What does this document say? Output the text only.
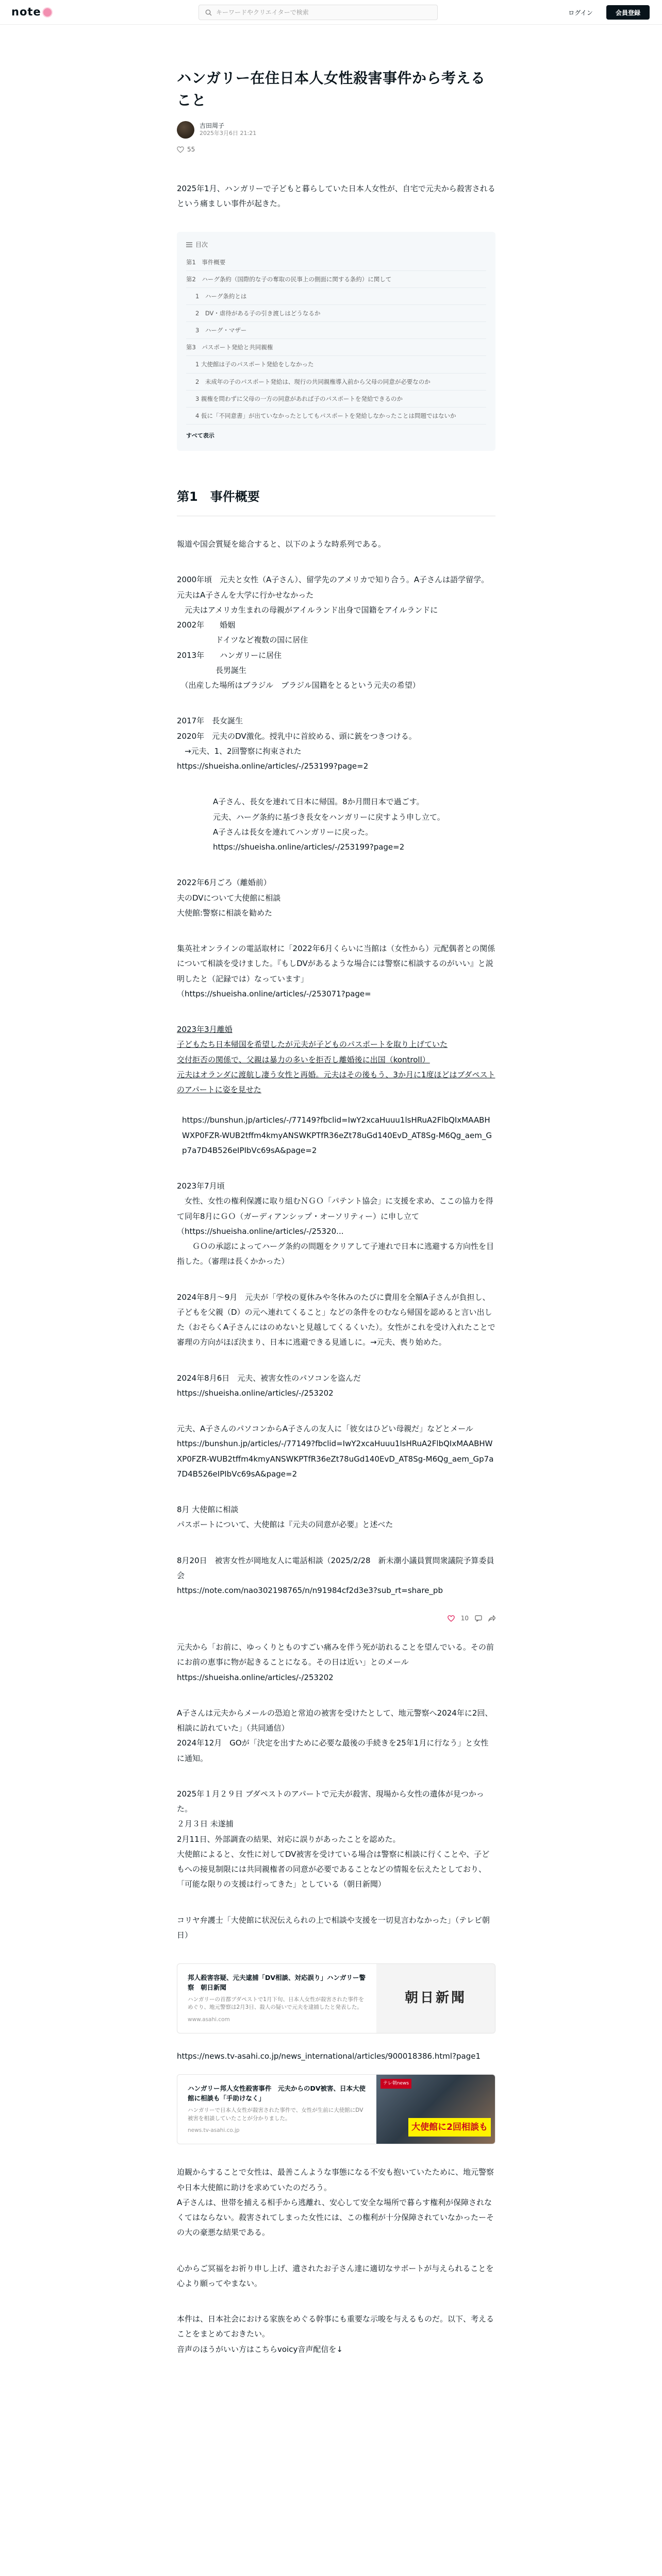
note
キーワードやクリエイターで検索	ログイン	会員登録
ハンガリー在住日本人女性殺害事件から考えること
吉田周子
2025年3月6日 21:21
55

2025年1月、ハンガリーで子どもと暮らしていた日本人女性が、自宅で元夫から殺害されるという痛ましい事件が起きた。

目次
第1　事件概要
第2　ハーグ条約（国際的な子の奪取の民事上の側面に関する条約）に関して
1　ハーグ条約とは
2　DV・虐待がある子の引き渡しはどうなるか
3　ハーグ・マザー
第3　パスポート発給と共同親権
1 大使館は子のパスポート発給をしなかった
2　未成年の子のパスポート発給は、現行の共同親権導入前から父母の同意が必要なのか
3 親権を問わずに父母の一方の同意があれば子のパスポートを発給できるのか
4 仮に「不同意書」が出ていなかったとしてもパスポートを発給しなかったことは問題ではないか
すべて表示
第1　事件概要

報道や国会質疑を総合すると、以下のような時系列である。

2000年頃　元夫と女性（A子さん）、留学先のアメリカで知り合う。A子さんは語学留学。元夫はA子さんを大学に行かせなかった
　元夫はアメリカ生まれの母親がアイルランド出身で国籍をアイルランドに
2002年　　婚姻
　　　　　ドイツなど複数の国に居住
2013年　　ハンガリーに居住
　　　　　長男誕生
　（出産した場所はブラジル　ブラジル国籍をとるという元夫の希望）

2017年　長女誕生
2020年　元夫のDV激化。授乳中に首絞める、頭に銃をつきつける。
　→元夫、1、2回警察に拘束された

https://shueisha.online/articles/-/253199?page=2

A子さん、長女を連れて日本に帰国。8か月間日本で過ごす。
元夫、ハーグ条約に基づき長女をハンガリーに戻すよう申し立て。
A子さんは長女を連れてハンガリーに戻った。

https://shueisha.online/articles/-/253199?page=2

2022年6月ごろ（離婚前）
夫のDVについて大使館に相談
大使館:警察に相談を勧めた

集英社オンラインの電話取材に「2022年6月くらいに当館は（女性から）元配偶者との関係について相談を受けました。『もしDVがあるような場合には警察に相談するのがいい』と説明したと（記録では）なっています」

（https://shueisha.online/articles/-/253071?page=

2023年3月離婚
子どもたち日本帰国を希望したが元夫が子どものパスポートを取り上げていた
交付拒否の関係で、父親は暴力の多いを拒否し離婚後に出国（kontroll）
元夫はオランダに渡航し凄う女性と再婚。元夫はその後もう、3か月に1度ほどはブダペストのアパートに姿を見せた

https://bunshun.jp/articles/-/77149?fbclid=IwY2xcaHuuu1lsHRuA2FlbQIxMAABHWXP0FZR-WUB2tffm4kmyANSWKPTfR36eZt78uGd140EvD_AT8Sg-M6Qg_aem_Gp7a7D4B526eIPIbVc69sA&page=2

2023年7月頃
　女性、女性の権利保護に取り組むＮＧＯ「パテント協会」に支援を求め、ここの協力を得て同年8月にＧＯ（ガーディアンシップ・オーソリティー）に申し立て（https://shueisha.online/articles/-/25320...
　　ＧＯの承認によってハーグ条約の問題をクリアして子連れで日本に逃避する方向性を目指した。（審理は長くかかった）

2024年8月～9月　元夫が「学校の夏休みや冬休みのたびに費用を全額A子さんが負担し、子どもを父親（D）の元へ連れてくること」などの条件をのむなら帰国を認めると言い出した（おそらくA子さんにはのめないと見越してくるくいた）。女性がこれを受け入れたことで審理の方向がほぼ決まり、日本に逃避できる見通しに。→元夫、喪り始めた。

2024年8月6日　元夫、被害女性のパソコンを盗んだ

https://shueisha.online/articles/-/253202

元夫、A子さんのパソコンからA子さんの友人に「彼女はひどい母親だ」などとメール

https://bunshun.jp/articles/-/77149?fbclid=IwY2xcaHuuu1lsHRuA2FlbQIxMAABHWXP0FZR-WUB2tffm4kmyANSWKPTfR36eZt78uGd140EvD_AT8Sg-M6Qg_aem_Gp7a7D4B526eIPIbVc69sA&page=2

8月 大使館に相談
パスポートについて、大使館は『元夫の同意が必要』と述べた

8月20日　被害女性が岡地友人に電話相談（2025/2/28　新未潮小議員質問衆議院予算委員会

https://note.com/nao302198765/n/n91984cf2d3e3?sub_rt=share_pb
10

元夫から「お前に、ゆっくりとものすごい痛みを伴う死が訪れることを望んでいる。その前にお前の恵事に物が起きることになる。その日は近い」とのメール　https://shueisha.online/articles/-/253202

A子さんは元夫からメールの恐迫と常迫の被害を受けたとして、地元警察へ2024年に2回、相談に訪れていた」（共同通信）
2024年12月　GOが「決定を出すために必要な最後の手続きを25年1月に行なう」と女性に通知。

2025年１月２９日 ブダペストのアパートで元夫が殺害、現場から女性の遺体が見つかった。
２月３日 未遂捕
2月11日、外部調査の結果、対応に誤りがあったことを認めた。
大使館によると、女性に対してDV被害を受けている場合は警察に相談に行くことや、子どもへの接見制限には共同親権者の同意が必要であることなどの情報を伝えたとしており、「可能な限りの支援は行ってきた」としている（朝日新聞）

コリヤ弁護士「大使館に状況伝えられの上で相談や支援を一切見言わなかった」（テレビ朝日）

邦人殺害容疑、元夫逮捕「DV相談、対応誤り」ハンガリー警察　朝日新聞
ハンガリーの首都ブダペストで1月下旬、日本人女性が殺害された事件をめぐり、地元警察は2月3日、殺人の疑いで元夫を逮捕したと発表した。
www.asahi.com
朝日新聞
https://news.tv-asahi.co.jp/news_international/articles/900018386.html?page1
ハンガリー邦人女性殺害事件　元夫からのDV被害、日本大使館に相談も「手助けなく」
ハンガリーで日本人女性が殺害された事件で、女性が生前に大使館にDV被害を相談していたことが分かりました。
news.tv-asahi.co.jp
テレ朝news
大使館に2回相談も

迫観からすることで女性は、最善こんような事態になる不安も抱いていたために、地元警察や日本大使館に助けを求めていたのだろう。
A子さんは、世帯を捕える相手から逃離れ、安心して安全な場所で暮らす権利が保障されなくてはならない。殺害されてしまった女性には、この権利が十分保障されていなかったーその大の豪悪な結果である。

心からご冥福をお祈り申し上げ、遺されたお子さん達に適切なサポートが与えられることを心より願ってやまない。

本件は、日本社会における家族をめぐる幹事にも重要な示唆を与えるものだ。以下、考えることをまとめておきたい。
音声のほうがいい方はこちらvoicy音声配信を↓
